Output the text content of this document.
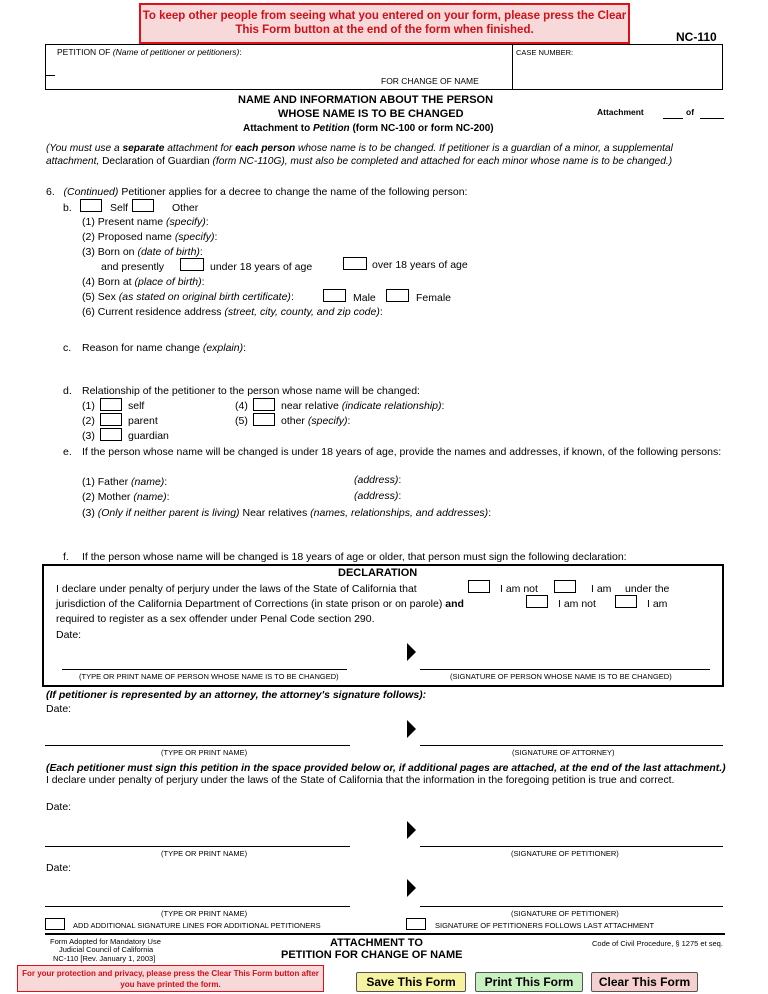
To keep other people from seeing what you entered on your form, please press the Clear This Form button at the end of the form when finished.	NC-110
PETITION OF (Name of petitioner or petitioners):	CASE NUMBER:
FOR CHANGE OF NAME
NAME AND INFORMATION ABOUT THE PERSON
WHOSE NAME IS TO BE CHANGED
Attachment to Petition (form NC-100 or form NC-200)
Attachment	of
(You must use a separate attachment for each person whose name is to be changed. If petitioner is a guardian of a minor, a supplemental attachment, Declaration of Guardian (form NC-110G), must also be completed and attached for each minor whose name is to be changed.)
6. (Continued) Petitioner applies for a decree to change the name of the following person:
b.	Self	Other
(1) Present name (specify):
(2) Proposed name (specify):
(3) Born on (date of birth):
and presently	under 18 years of age	over 18 years of age
(4) Born at (place of birth):
(5) Sex (as stated on original birth certificate):	Male	Female
(6) Current residence address (street, city, county, and zip code):
c. Reason for name change (explain):
d. Relationship of the petitioner to the person whose name will be changed:
(1)	self
(2)	parent
(3)	guardian
(4)	near relative (indicate relationship):
(5)	other (specify):
e. If the person whose name will be changed is under 18 years of age, provide the names and addresses, if known, of the following persons:
(1) Father (name):	(address):
(2) Mother (name):	(address):
(3) (Only if neither parent is living) Near relatives (names, relationships, and addresses):
f. If the person whose name will be changed is 18 years of age or older, that person must sign the following declaration:
DECLARATION
I declare under penalty of perjury under the laws of the State of California that	I am not	I am under the
jurisdiction of the California Department of Corrections (in state prison or on parole) and	I am not	I am
required to register as a sex offender under Penal Code section 290.
Date:
(TYPE OR PRINT NAME OF PERSON WHOSE NAME IS TO BE CHANGED)	(SIGNATURE OF PERSON WHOSE NAME IS TO BE CHANGED)
(If petitioner is represented by an attorney, the attorney's signature follows):
Date:
(TYPE OR PRINT NAME)	(SIGNATURE OF ATTORNEY)
(Each petitioner must sign this petition in the space provided below or, if additional pages are attached, at the end of the last attachment.) I declare under penalty of perjury under the laws of the State of California that the information in the foregoing petition is true and correct.
Date:
(TYPE OR PRINT NAME)	(SIGNATURE OF PETITIONER)
Date:
(TYPE OR PRINT NAME)	(SIGNATURE OF PETITIONER)
ADD ADDITIONAL SIGNATURE LINES FOR ADDITIONAL PETITIONERS	SIGNATURE OF PETITIONERS FOLLOWS LAST ATTACHMENT
Form Adopted for Mandatory Use
Judicial Council of California
NC-110 [Rev. January 1, 2003]
ATTACHMENT TO
PETITION FOR CHANGE OF NAME
Code of Civil Procedure, § 1275 et seq.
For your protection and privacy, please press the Clear This Form button after you have printed the form.	Save This Form	Print This Form	Clear This Form
